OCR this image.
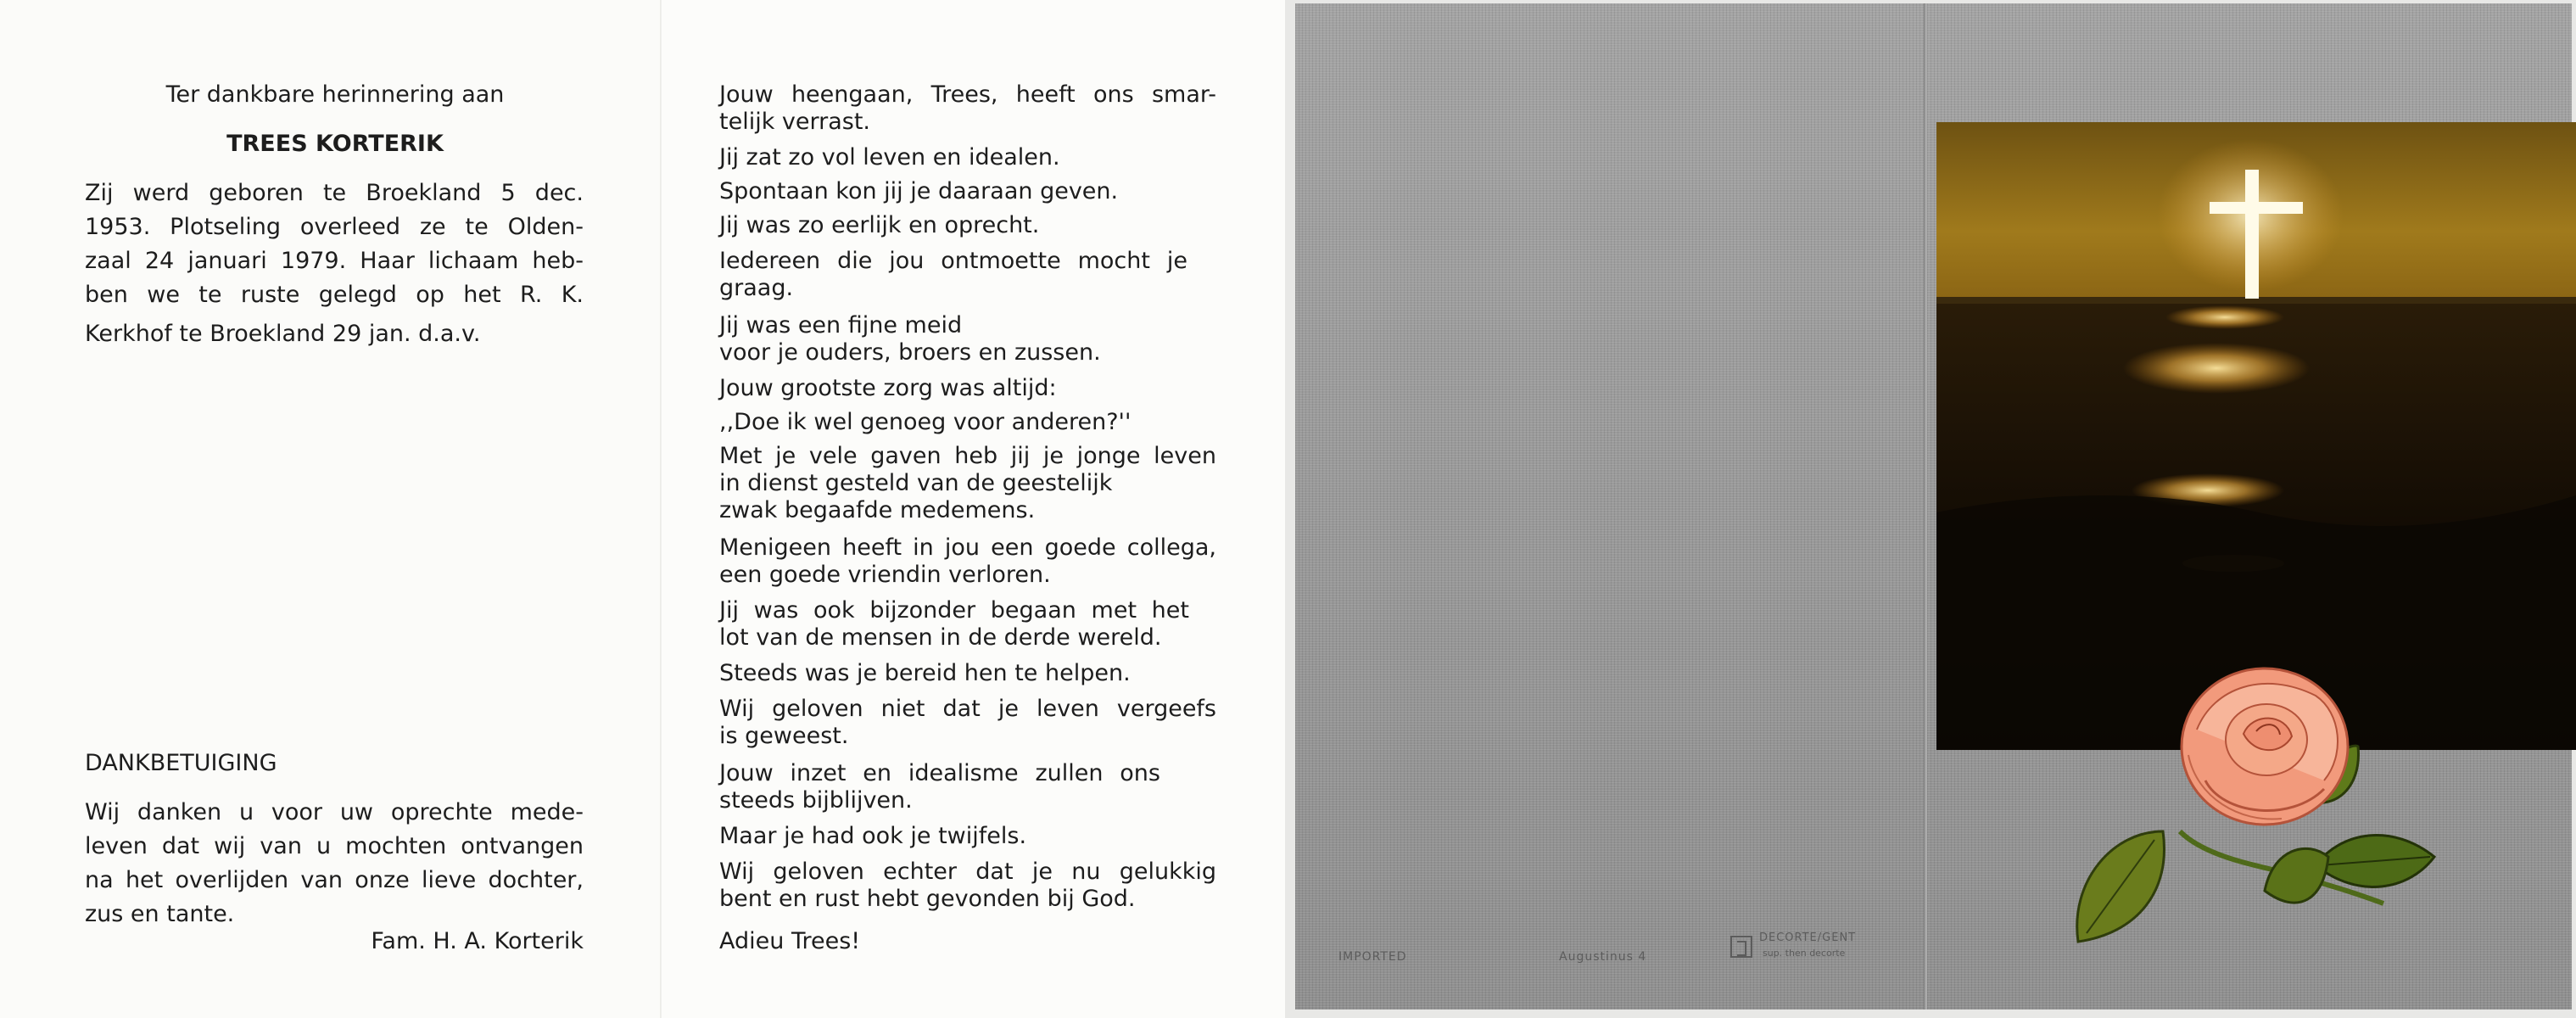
Ter dankbare herinnering aan
TREES KORTERIK
Zij werd geboren te Broekland 5 dec.
1953. Plotseling overleed ze te Olden-
zaal 24 januari 1979. Haar lichaam heb-
ben we te ruste gelegd op het R. K.
Kerkhof te Broekland 29 jan. d.a.v.
DANKBETUIGING
Wij danken u voor uw oprechte mede-
leven dat wij van u mochten ontvangen
na het overlijden van onze lieve dochter,
zus en tante.
Fam. H. A. Korterik
Jouw heengaan, Trees, heeft ons smar-
telijk verrast.
Jij zat zo vol leven en idealen.
Spontaan kon jij je daaraan geven.
Jij was zo eerlijk en oprecht.
Iedereen die jou ontmoette mocht je
graag.
Jij was een fijne meid
voor je ouders, broers en zussen.
Jouw grootste zorg was altijd:
,,Doe ik wel genoeg voor anderen?''
Met je vele gaven heb jij je jonge leven
in dienst gesteld van de geestelijk
zwak begaafde medemens.
Menigeen heeft in jou een goede collega,
een goede vriendin verloren.
Jij was ook bijzonder begaan met het
lot van de mensen in de derde wereld.
Steeds was je bereid hen te helpen.
Wij geloven niet dat je leven vergeefs
is geweest.
Jouw inzet en idealisme zullen ons
steeds bijblijven.
Maar je had ook je twijfels.
Wij geloven echter dat je nu gelukkig
bent en rust hebt gevonden bij God.
Adieu Trees!
IMPORTED	Augustinus 4
DECORTE/GENT
sup. then decorte
